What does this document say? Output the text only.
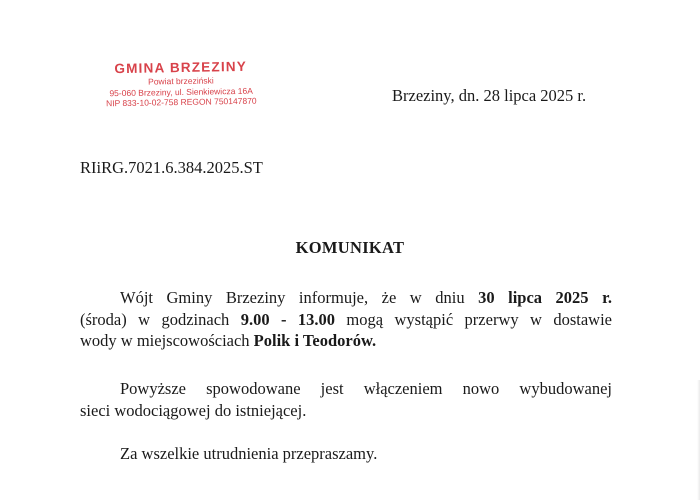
GMINA BRZEZINY
Powiat brzeziński
95-060 Brzeziny, ul. Sienkiewicza 16A
NIP 833-10-02-758 REGON 750147870	Brzeziny, dn. 28 lipca 2025 r.
RIiRG.7021.6.384.2025.ST
KOMUNIKAT
Wójt Gminy Brzeziny informuje, że w dniu 30 lipca 2025 r.
(środa) w godzinach 9.00 - 13.00 mogą wystąpić przerwy w dostawie
wody w miejscowościach Polik i Teodorów.
Powyższe spowodowane jest włączeniem nowo wybudowanej
sieci wodociągowej do istniejącej.
Za wszelkie utrudnienia przepraszamy.
